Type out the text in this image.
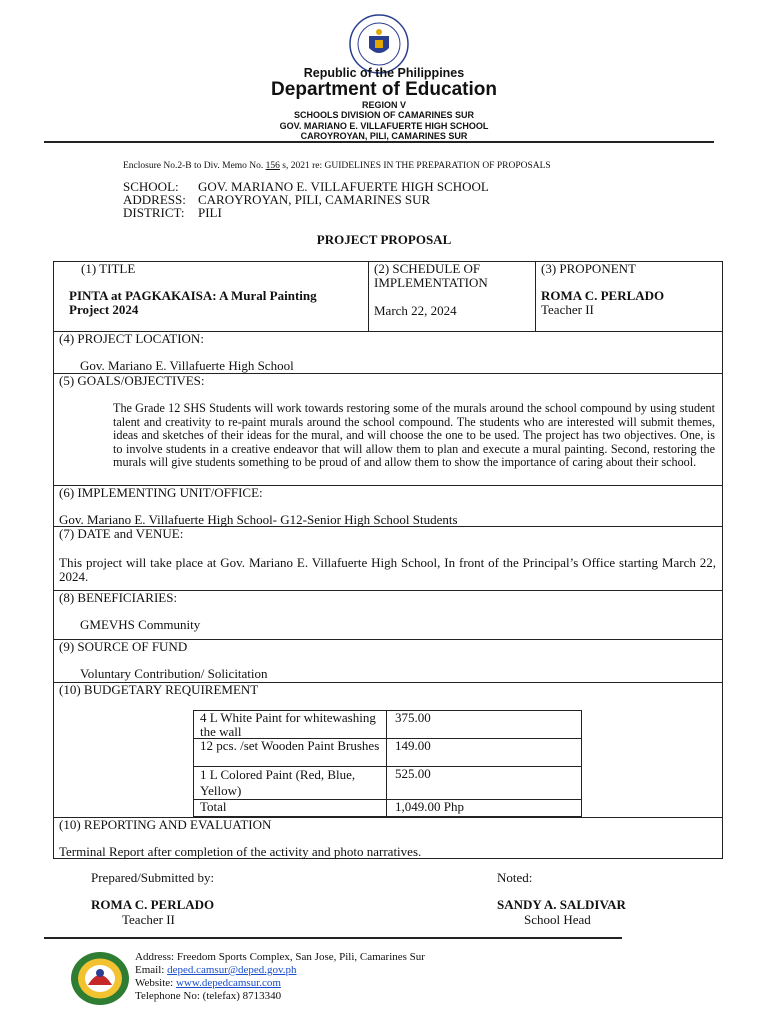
Republic of the Philippines
Department of Education
REGION V
SCHOOLS DIVISION OF CAMARINES SUR
GOV. MARIANO E. VILLAFUERTE HIGH SCHOOL
CAROYROYAN, PILI, CAMARINES SUR
Enclosure No.2-B to Div. Memo No. 156 s, 2021 re: GUIDELINES IN THE PREPARATION OF PROPOSALS
SCHOOL: GOV. MARIANO E. VILLAFUERTE HIGH SCHOOL
ADDRESS: CAROYROYAN, PILI, CAMARINES SUR
DISTRICT: PILI
PROJECT PROPOSAL
(1) TITLE
PINTA at PAGKAKAISA: A Mural Painting Project 2024
(2) SCHEDULE OF IMPLEMENTATION
March 22, 2024
(3) PROPONENT
ROMA C. PERLADO
Teacher II
(4) PROJECT LOCATION:
Gov. Mariano E. Villafuerte High School
(5) GOALS/OBJECTIVES:
The Grade 12 SHS Students will work towards restoring some of the murals around the school compound by using student talent and creativity to re-paint murals around the school compound. The students who are interested will submit themes, ideas and sketches of their ideas for the mural, and will choose the one to be used. The project has two objectives. One, is to involve students in a creative endeavor that will allow them to plan and execute a mural painting. Second, restoring the murals will give students something to be proud of and allow them to show the importance of caring about their school.
(6) IMPLEMENTING UNIT/OFFICE:
Gov. Mariano E. Villafuerte High School- G12-Senior High School Students
(7) DATE and VENUE:
This project will take place at Gov. Mariano E. Villafuerte High School, In front of the Principal’s Office starting March 22, 2024.
(8) BENEFICIARIES:
GMEVHS Community
(9) SOURCE OF FUND
Voluntary Contribution/ Solicitation
(10) BUDGETARY REQUIREMENT
4 L White Paint for whitewashing the wall
375.00
12 pcs. /set Wooden Paint Brushes 149.00
1 L Colored Paint (Red, Blue, Yellow)
525.00
Total	1,049.00 Php
(10) REPORTING AND EVALUATION
Terminal Report after completion of the activity and photo narratives.
Prepared/Submitted by:
ROMA C. PERLADO
Teacher II
Noted:
SANDY A. SALDIVAR
School Head
Address: Freedom Sports Complex, San Jose, Pili, Camarines Sur
Email: deped.camsur@deped.gov.ph
Website: www.depedcamsur.com
Telephone No: (telefax) 8713340
